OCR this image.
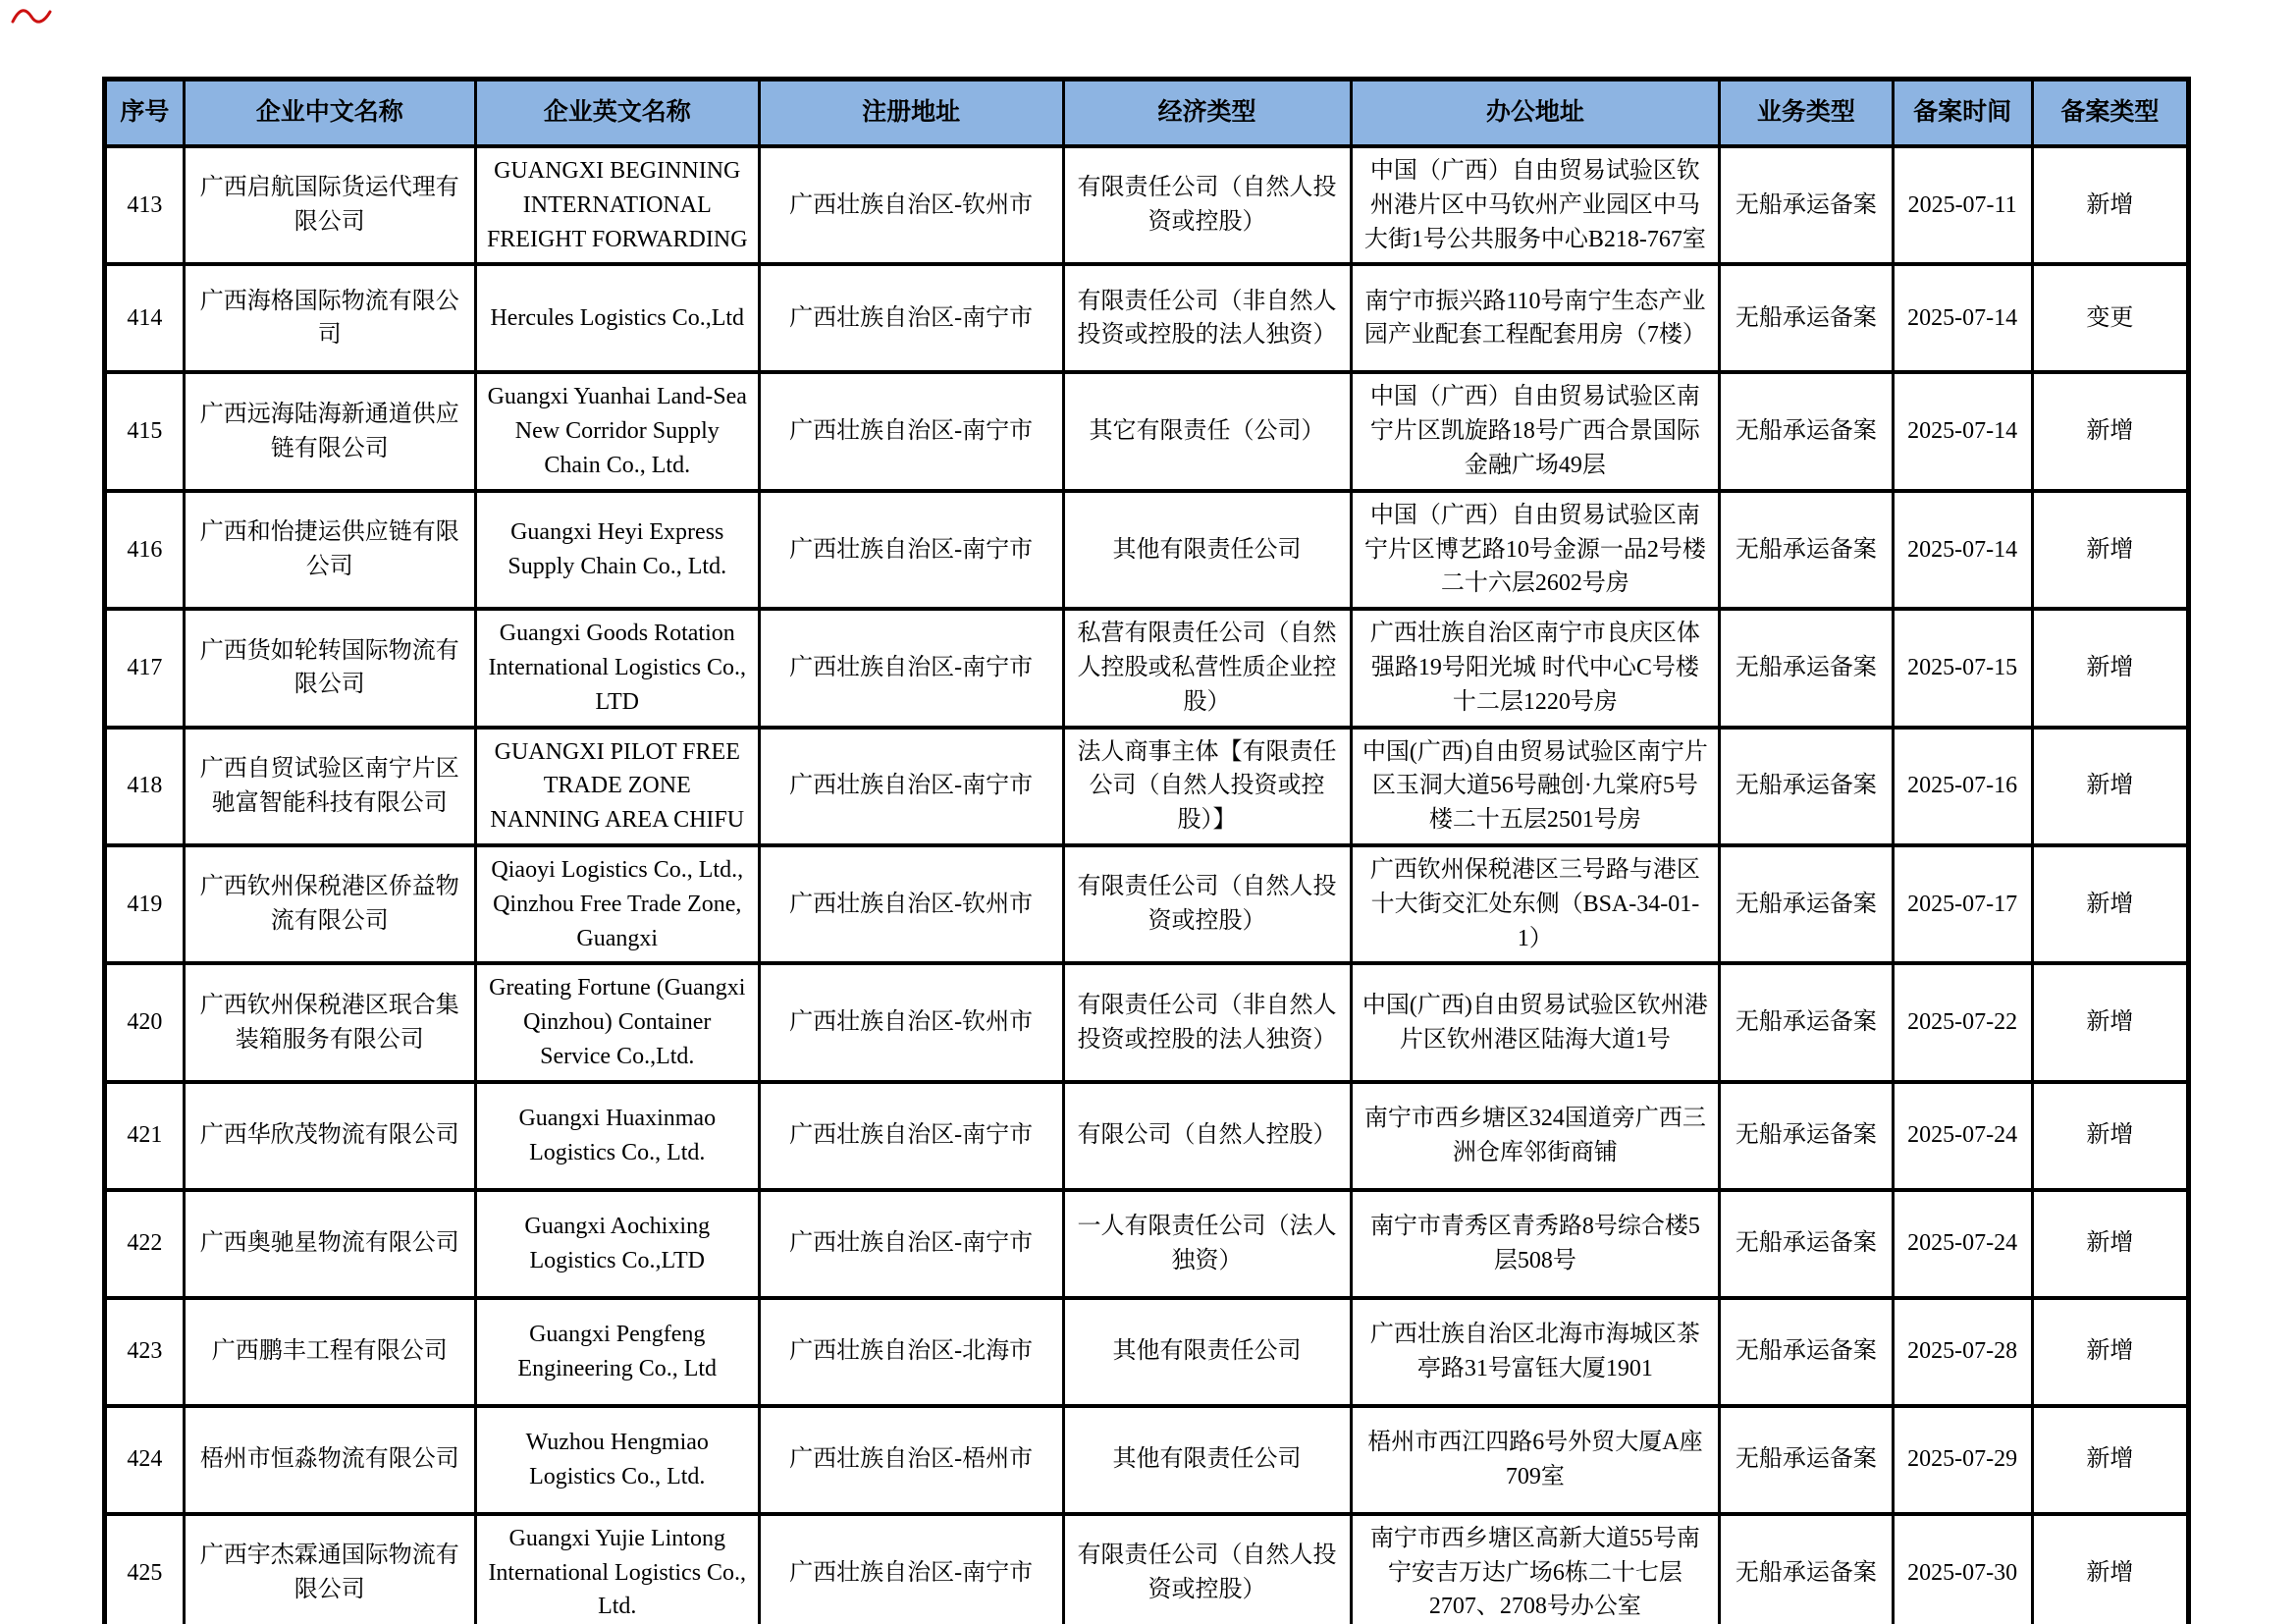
序号	企业中文名称	企业英文名称	注册地址	经济类型	办公地址	业务类型	备案时间	备案类型
413	广西启航国际货运代理有限公司	GUANGXI BEGINNING INTERNATIONAL FREIGHT FORWARDING	广西壮族自治区-钦州市	有限责任公司（自然人投资或控股）	中国（广西）自由贸易试验区钦州港片区中马钦州产业园区中马大街1号公共服务中心B218-767室	无船承运备案	2025-07-11	新增
414	广西海格国际物流有限公司	Hercules Logistics Co.,Ltd	广西壮族自治区-南宁市	有限责任公司（非自然人投资或控股的法人独资）	南宁市振兴路110号南宁生态产业园产业配套工程配套用房（7楼）	无船承运备案	2025-07-14	变更
415	广西远海陆海新通道供应链有限公司	Guangxi Yuanhai Land-Sea New Corridor Supply Chain Co., Ltd.	广西壮族自治区-南宁市	其它有限责任（公司）	中国（广西）自由贸易试验区南宁片区凯旋路18号广西合景国际金融广场49层	无船承运备案	2025-07-14	新增
416	广西和怡捷运供应链有限公司	Guangxi Heyi Express Supply Chain Co., Ltd.	广西壮族自治区-南宁市	其他有限责任公司	中国（广西）自由贸易试验区南宁片区博艺路10号金源一品2号楼二十六层2602号房	无船承运备案	2025-07-14	新增
417	广西货如轮转国际物流有限公司	Guangxi Goods Rotation International Logistics Co., LTD	广西壮族自治区-南宁市	私营有限责任公司（自然人控股或私营性质企业控股）	广西壮族自治区南宁市良庆区体强路19号阳光城 时代中心C号楼十二层1220号房	无船承运备案	2025-07-15	新增
418	广西自贸试验区南宁片区驰富智能科技有限公司	GUANGXI PILOT FREE TRADE ZONE NANNING AREA CHIFU	广西壮族自治区-南宁市	法人商事主体【有限责任公司（自然人投资或控股）】	中国(广西)自由贸易试验区南宁片区玉洞大道56号融创·九棠府5号楼二十五层2501号房	无船承运备案	2025-07-16	新增
419	广西钦州保税港区侨益物流有限公司	Qiaoyi Logistics Co., Ltd., Qinzhou Free Trade Zone, Guangxi	广西壮族自治区-钦州市	有限责任公司（自然人投资或控股）	广西钦州保税港区三号路与港区十大街交汇处东侧（BSA-34-01-1）	无船承运备案	2025-07-17	新增
420	广西钦州保税港区珉合集装箱服务有限公司	Greating Fortune (Guangxi Qinzhou) Container Service Co.,Ltd.	广西壮族自治区-钦州市	有限责任公司（非自然人投资或控股的法人独资）	中国(广西)自由贸易试验区钦州港片区钦州港区陆海大道1号	无船承运备案	2025-07-22	新增
421	广西华欣茂物流有限公司	Guangxi Huaxinmao Logistics Co., Ltd.	广西壮族自治区-南宁市	有限公司（自然人控股）	南宁市西乡塘区324国道旁广西三洲仓库邻街商铺	无船承运备案	2025-07-24	新增
422	广西奥驰星物流有限公司	Guangxi Aochixing Logistics Co.,LTD	广西壮族自治区-南宁市	一人有限责任公司（法人独资）	南宁市青秀区青秀路8号综合楼5层508号	无船承运备案	2025-07-24	新增
423	广西鹏丰工程有限公司	Guangxi Pengfeng Engineering Co., Ltd	广西壮族自治区-北海市	其他有限责任公司	广西壮族自治区北海市海城区茶亭路31号富钰大厦1901	无船承运备案	2025-07-28	新增
424	梧州市恒淼物流有限公司	Wuzhou Hengmiao Logistics Co., Ltd.	广西壮族自治区-梧州市	其他有限责任公司	梧州市西江四路6号外贸大厦A座709室	无船承运备案	2025-07-29	新增
425	广西宇杰霖通国际物流有限公司	Guangxi Yujie Lintong International Logistics Co., Ltd.	广西壮族自治区-南宁市	有限责任公司（自然人投资或控股）	南宁市西乡塘区高新大道55号南宁安吉万达广场6栋二十七层2707、2708号办公室	无船承运备案	2025-07-30	新增
